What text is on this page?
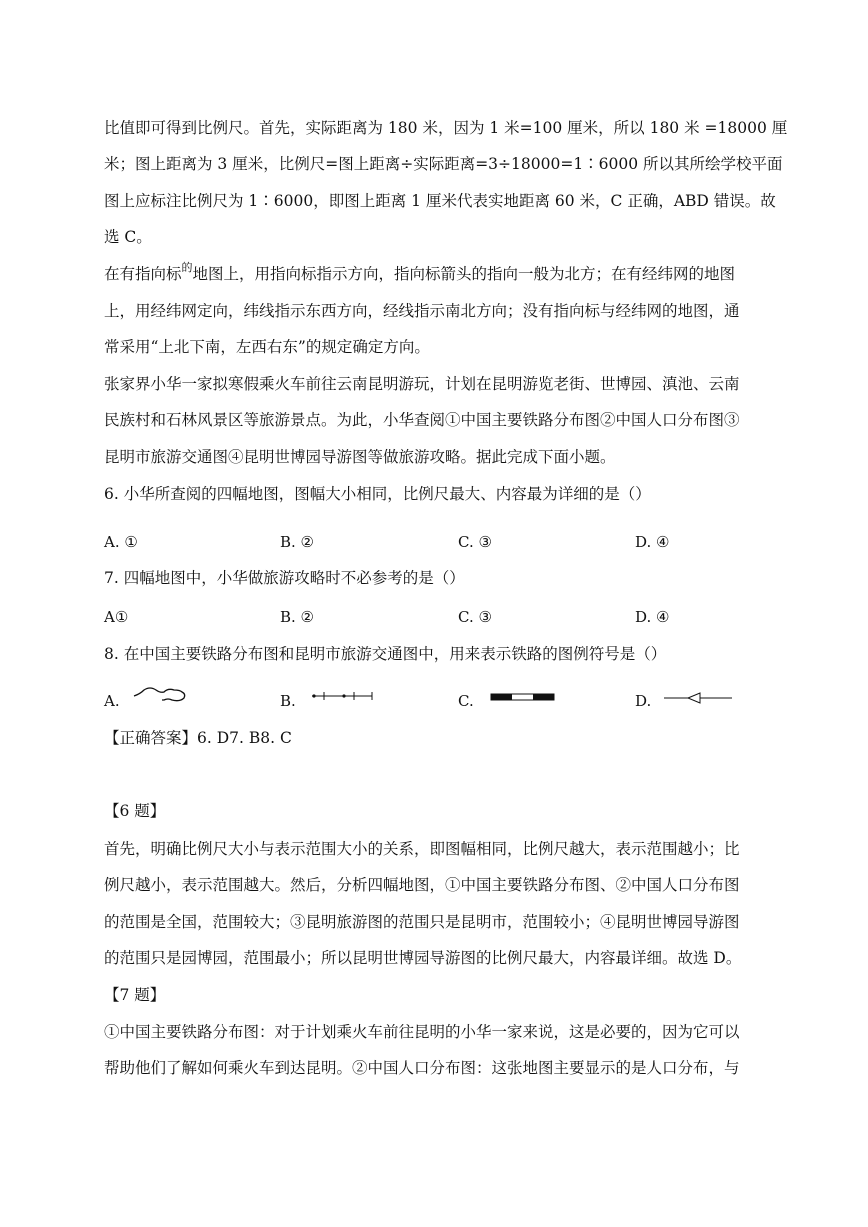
比值即可得到比例尺。首先，实际距离为 180 米，因为 1 米=100 厘米，所以 180 米 =18000 厘
米；图上距离为 3 厘米，比例尺=图上距离÷实际距离=3÷18000=1∶6000 所以其所绘学校平面
图上应标注比例尺为 1∶6000，即图上距离 1 厘米代表实地距离 60 米，C 正确，ABD 错误。故
选 C。
在有指向标$^的$地图上，用指向标指示方向，指向标箭头的指向一般为北方；在有经纬网的地图
上，用经纬网定向，纬线指示东西方向，经线指示南北方向；没有指向标与经纬网的地图，通
常采用“上北下南，左西右东”的规定确定方向。
张家界小华一家拟寒假乘火车前往云南昆明游玩，计划在昆明游览老街、世博园、滇池、云南
民族村和石林风景区等旅游景点。为此，小华查阅①中国主要铁路分布图②中国人口分布图③
昆明市旅游交通图④昆明世博园导游图等做旅游攻略。据此完成下面小题。
6. 小华所查阅的四幅地图，图幅大小相同，比例尺最大、内容最为详细的是（）
A. ①	B. ②	C. ③	D. ④
7. 四幅地图中，小华做旅游攻略时不必参考的是（）
A①	B. ②	C. ③	D. ④
8. 在中国主要铁路分布图和昆明市旅游交通图中，用来表示铁路的图例符号是（）
A.	B.	C.	D.
【正确答案】6. D7. B8. C
【6 题】
首先，明确比例尺大小与表示范围大小的关系，即图幅相同，比例尺越大，表示范围越小；比
例尺越小，表示范围越大。然后，分析四幅地图，①中国主要铁路分布图、②中国人口分布图
的范围是全国，范围较大；③昆明旅游图的范围只是昆明市，范围较小；④昆明世博园导游图
的范围只是园博园，范围最小；所以昆明世博园导游图的比例尺最大，内容最详细。故选 D。
【7 题】
①中国主要铁路分布图：对于计划乘火车前往昆明的小华一家来说，这是必要的，因为它可以
帮助他们了解如何乘火车到达昆明。②中国人口分布图：这张地图主要显示的是人口分布，与
